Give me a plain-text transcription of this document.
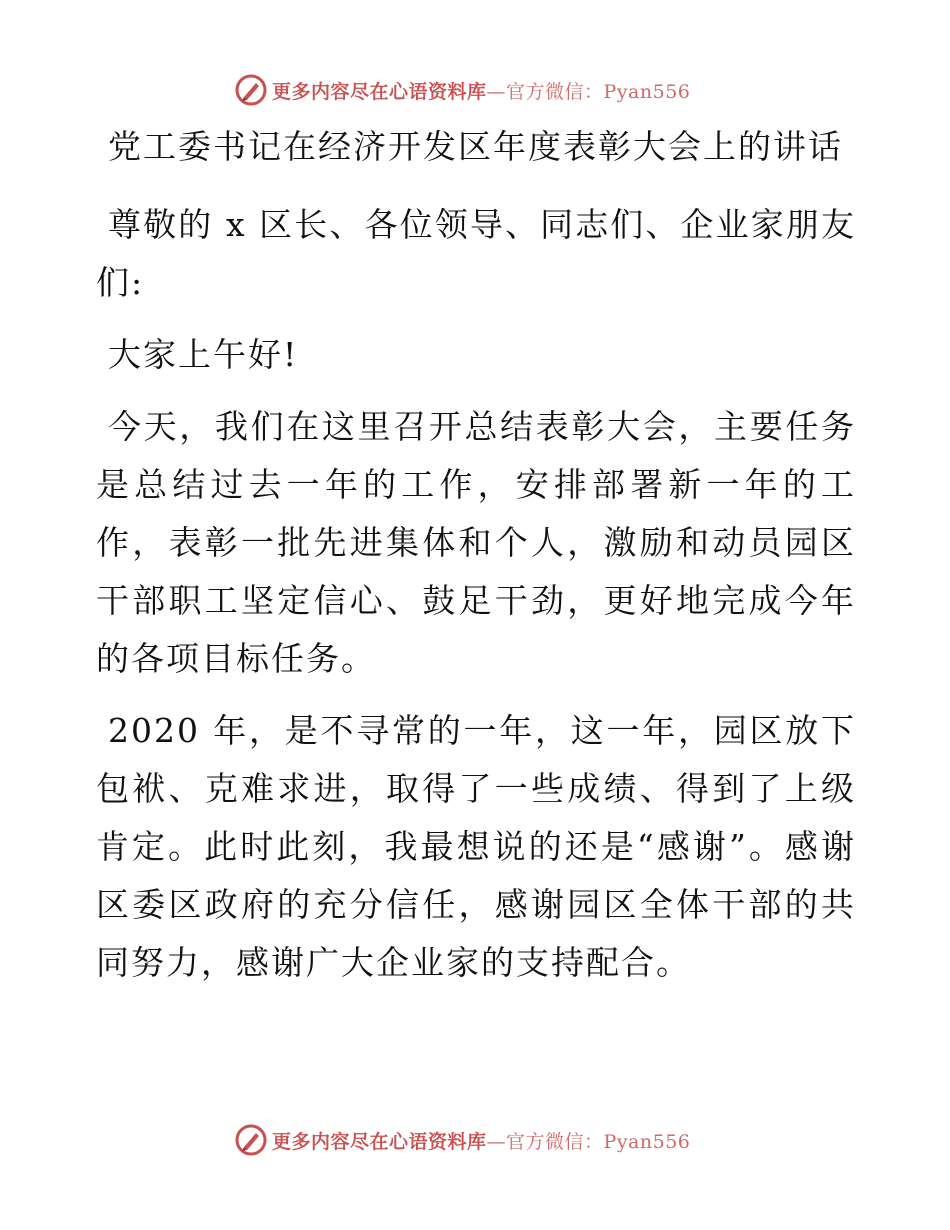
更多内容尽在心语资料库—官方微信：Pyan556
党工委书记在经济开发区年度表彰大会上的讲话

尊敬的 x 区长、各位领导、同志们、企业家朋友们:

大家上午好!

今天，我们在这里召开总结表彰大会，主要任务是总结过去一年的工作，安排部署新一年的工作，表彰一批先进集体和个人，激励和动员园区干部职工坚定信心、鼓足干劲，更好地完成今年的各项目标任务。

2020 年，是不寻常的一年，这一年，园区放下包袱、克难求进，取得了一些成绩、得到了上级肯定。此时此刻，我最想说的还是“感谢”。感谢区委区政府的充分信任，感谢园区全体干部的共同努力，感谢广大企业家的支持配合。

更多内容尽在心语资料库—官方微信：Pyan556
